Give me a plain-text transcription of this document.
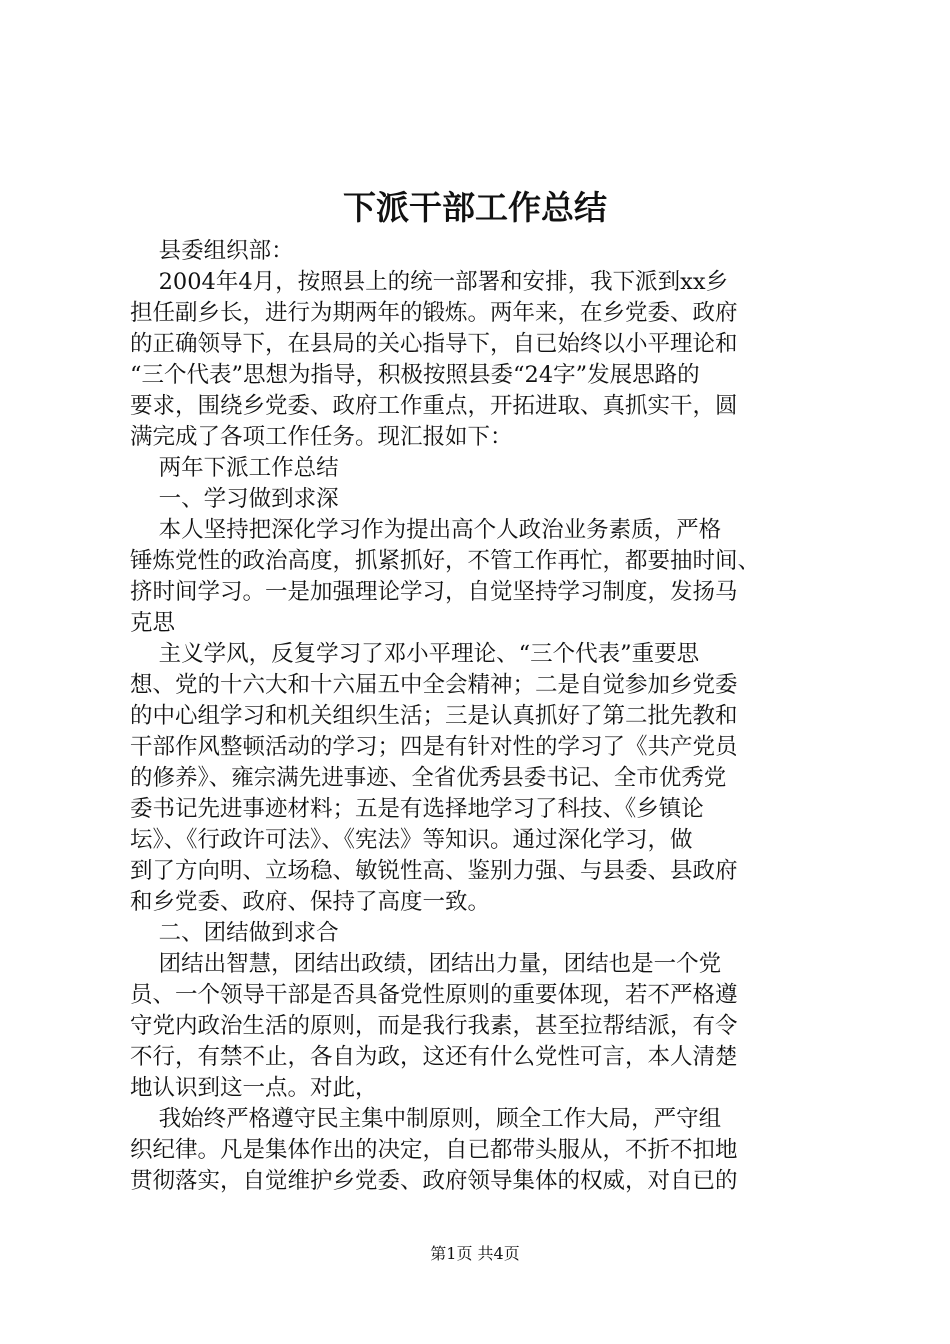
下派干部工作总结
县委组织部：
2004年4月，按照县上的统一部署和安排，我下派到xx乡
担任副乡长，进行为期两年的锻炼。两年来，在乡党委、政府
的正确领导下，在县局的关心指导下，自已始终以小平理论和
“三个代表”思想为指导，积极按照县委“24字”发展思路的
要求，围绕乡党委、政府工作重点，开拓进取、真抓实干，圆
满完成了各项工作任务。现汇报如下：
两年下派工作总结
一、学习做到求深
本人坚持把深化学习作为提出高个人政治业务素质，严格
锤炼党性的政治高度，抓紧抓好，不管工作再忙，都要抽时间、
挤时间学习。一是加强理论学习，自觉坚持学习制度，发扬马
克思
主义学风，反复学习了邓小平理论、“三个代表”重要思
想、党的十六大和十六届五中全会精神；二是自觉参加乡党委
的中心组学习和机关组织生活；三是认真抓好了第二批先教和
干部作风整顿活动的学习；四是有针对性的学习了《共产党员
的修养》、雍宗满先进事迹、全省优秀县委书记、全市优秀党
委书记先进事迹材料；五是有选择地学习了科技、《乡镇论
坛》、《行政许可法》、《宪法》等知识。通过深化学习，做
到了方向明、立场稳、敏锐性高、鉴别力强、与县委、县政府
和乡党委、政府、保持了高度一致。
二、团结做到求合
团结出智慧，团结出政绩，团结出力量，团结也是一个党
员、一个领导干部是否具备党性原则的重要体现，若不严格遵
守党内政治生活的原则，而是我行我素，甚至拉帮结派，有令
不行，有禁不止，各自为政，这还有什么党性可言，本人清楚
地认识到这一点。对此，
我始终严格遵守民主集中制原则，顾全工作大局，严守组
织纪律。凡是集体作出的决定，自已都带头服从，不折不扣地
贯彻落实，自觉维护乡党委、政府领导集体的权威，对自已的
第1页 共4页
